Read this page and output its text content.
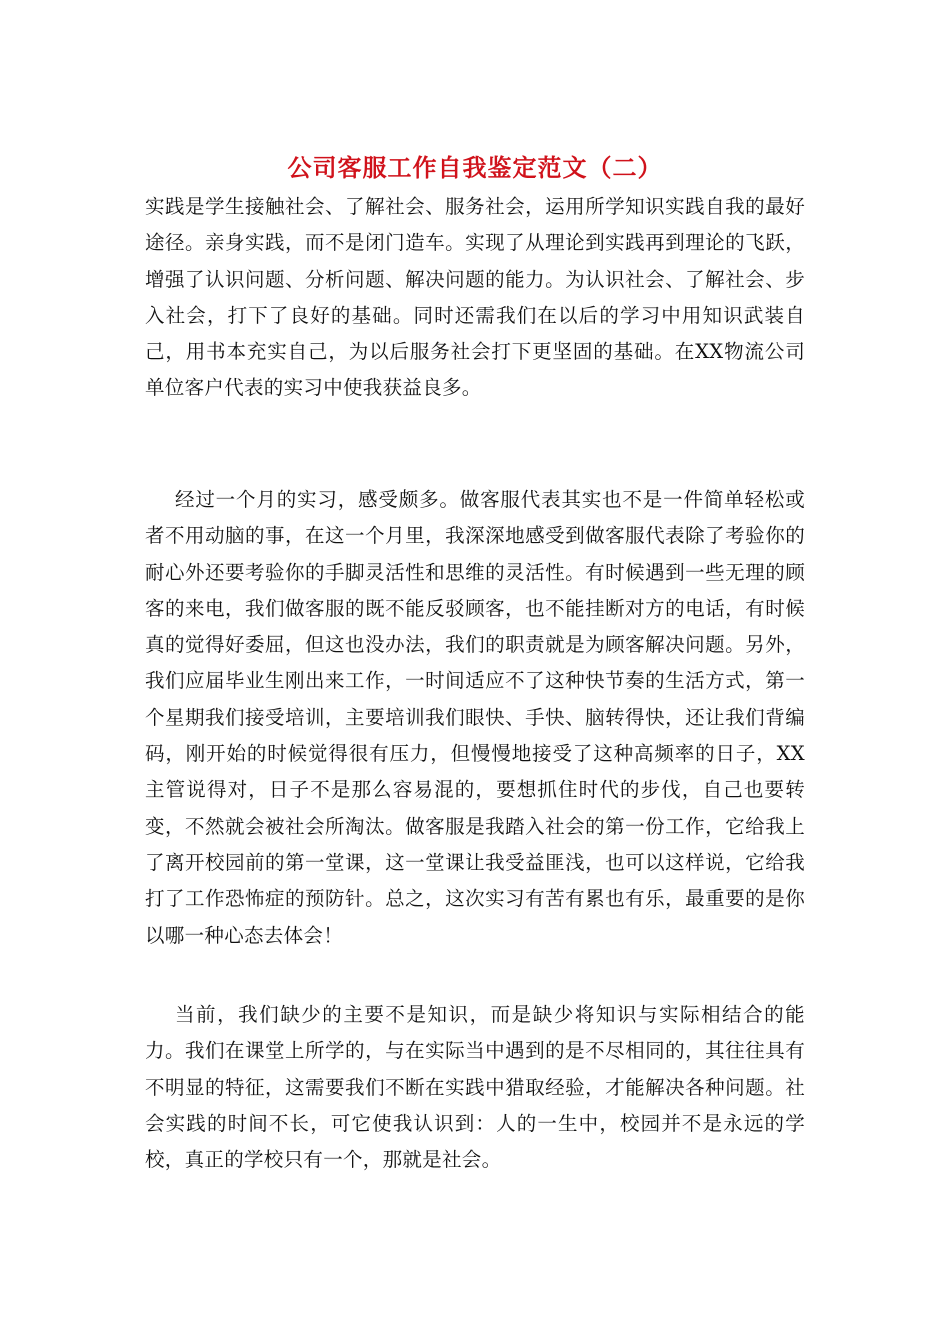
公司客服工作自我鉴定范文（二）

实践是学生接触社会、了解社会、服务社会，运用所学知识实践自我的最好途径。亲身实践，而不是闭门造车。实现了从理论到实践再到理论的飞跃，增强了认识问题、分析问题、解决问题的能力。为认识社会、了解社会、步入社会，打下了良好的基础。同时还需我们在以后的学习中用知识武装自己，用书本充实自己，为以后服务社会打下更坚固的基础。在XX物流公司单位客户代表的实习中使我获益良多。

经过一个月的实习，感受颇多。做客服代表其实也不是一件简单轻松或者不用动脑的事，在这一个月里，我深深地感受到做客服代表除了考验你的耐心外还要考验你的手脚灵活性和思维的灵活性。有时候遇到一些无理的顾客的来电，我们做客服的既不能反驳顾客，也不能挂断对方的电话，有时候真的觉得好委屈，但这也没办法，我们的职责就是为顾客解决问题。另外，我们应届毕业生刚出来工作，一时间适应不了这种快节奏的生活方式，第一个星期我们接受培训，主要培训我们眼快、手快、脑转得快，还让我们背编码，刚开始的时候觉得很有压力，但慢慢地接受了这种高频率的日子，XX主管说得对，日子不是那么容易混的，要想抓住时代的步伐，自己也要转变，不然就会被社会所淘汰。做客服是我踏入社会的第一份工作，它给我上了离开校园前的第一堂课，这一堂课让我受益匪浅，也可以这样说，它给我打了工作恐怖症的预防针。总之，这次实习有苦有累也有乐，最重要的是你以哪一种心态去体会！

当前，我们缺少的主要不是知识，而是缺少将知识与实际相结合的能力。我们在课堂上所学的，与在实际当中遇到的是不尽相同的，其往往具有不明显的特征，这需要我们不断在实践中猎取经验，才能解决各种问题。社会实践的时间不长，可它使我认识到：人的一生中，校园并不是永远的学校，真正的学校只有一个，那就是社会。
